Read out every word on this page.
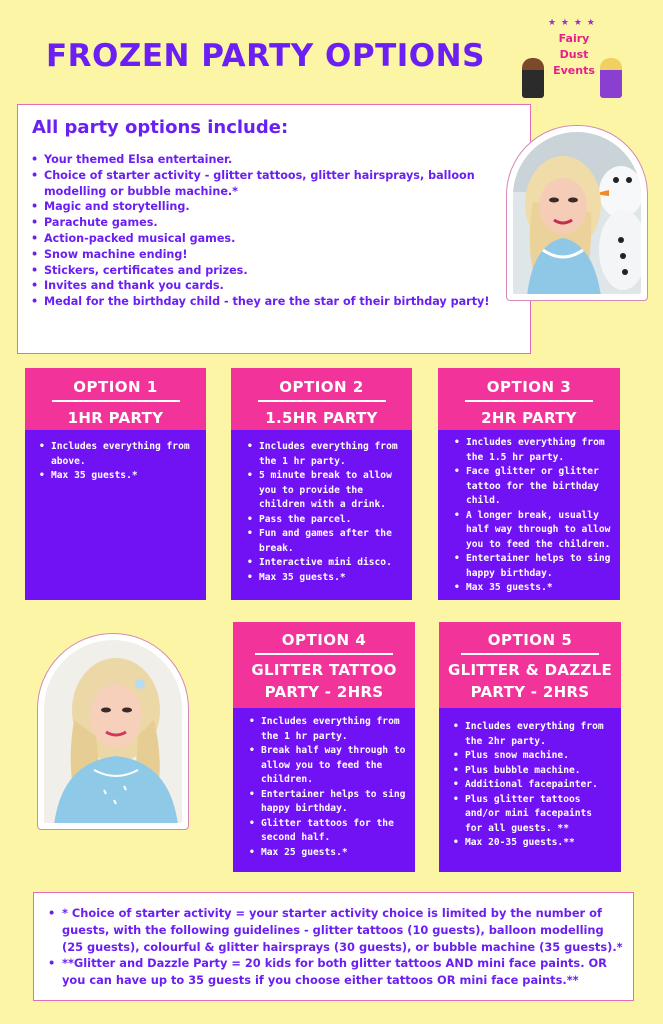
FROZEN PARTY OPTIONS
★ ★ ★ ★
Fairy
Dust
Events
All party options include:
• Your themed Elsa entertainer.
• Choice of starter activity - glitter tattoos, glitter hairsprays, balloon modelling or bubble machine.*
• Magic and storytelling.
• Parachute games.
• Action-packed musical games.
• Snow machine ending!
• Stickers, certificates and prizes.
• Invites and thank you cards.
• Medal for the birthday child - they are the star of their birthday party!
OPTION 1
1HR PARTY
• Includes everything from above.
• Max 35 guests.*
OPTION 2
1.5HR PARTY
• Includes everything from the 1 hr party.
• 5 minute break to allow you to provide the children with a drink.
• Pass the parcel.
• Fun and games after the break.
• Interactive mini disco.
• Max 35 guests.*
OPTION 3
2HR PARTY
• Includes everything from the 1.5 hr party.
• Face glitter or glitter tattoo for the birthday child.
• A longer break, usually half way through to allow you to feed the children.
• Entertainer helps to sing happy birthday.
• Max 35 guests.*
OPTION 4
GLITTER TATTOO
PARTY - 2HRS
• Includes everything from the 1 hr party.
• Break half way through to allow you to feed the children.
• Entertainer helps to sing happy birthday.
• Glitter tattoos for the second half.
• Max 25 guests.*
OPTION 5
GLITTER & DAZZLE
PARTY - 2HRS
• Includes everything from the 2hr party.
• Plus snow machine.
• Plus bubble machine.
• Additional facepainter.
• Plus glitter tattoos and/or mini facepaints for all guests. **
• Max 20-35 guests.**
• * Choice of starter activity = your starter activity choice is limited by the number of guests, with the following guidelines - glitter tattoos (10 guests), balloon modelling (25 guests), colourful & glitter hairsprays (30 guests), or bubble machine (35 guests).*
• **Glitter and Dazzle Party = 20 kids for both glitter tattoos AND mini face paints. OR you can have up to 35 guests if you choose either tattoos OR mini face paints.**
